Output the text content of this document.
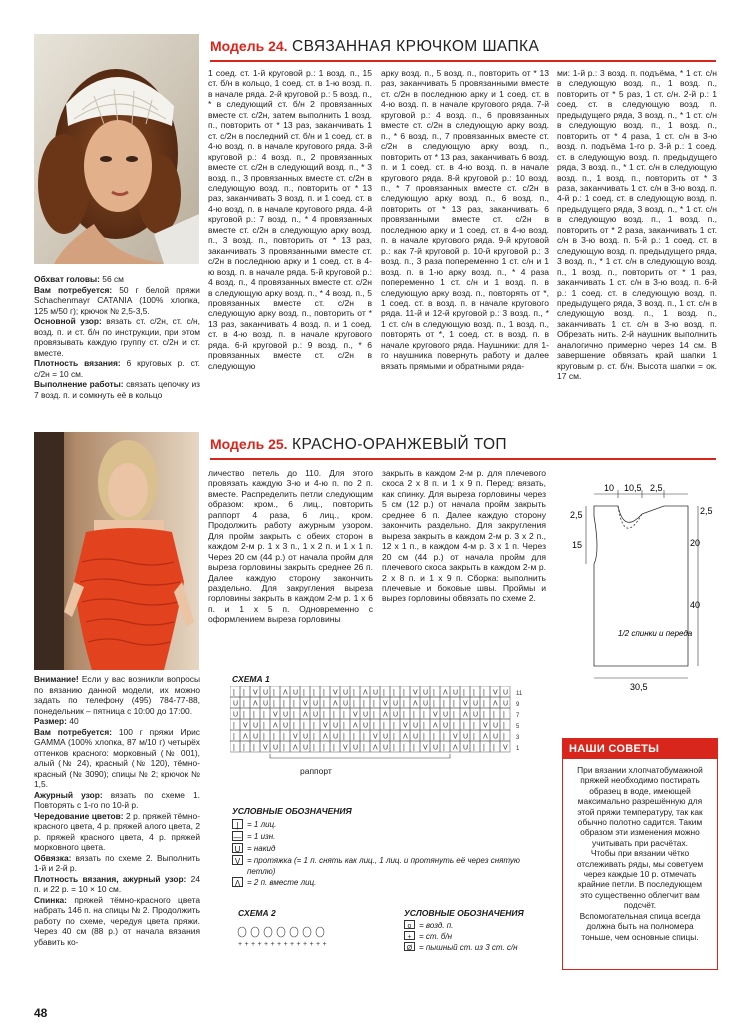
Модель 24. СВЯЗАННАЯ КРЮЧКОМ ШАПКА
Обхват головы: 56 см
Вам потребуется: 50 г белой пряжи Schachenmayr CATANIA (100% хлопка, 125 м/50 г); крючок № 2,5-3,5.
Основной узор: вязать ст. с/2н, ст. с/н, возд. п. и ст. б/н по инструкции, при этом провязывать каждую группу ст. с/2н и ст. вместе.
Плотность вязания: 6 круговых р. ст. с/2н = 10 см.
Выполнение работы: связать цепочку из 7 возд. п. и сомкнуть её в кольцо
1 соед. ст. 1-й круговой р.: 1 возд. п., 15 ст. б/н в кольцо, 1 соед. ст. в 1-ю возд. п. в начале ряда. 2-й круговой р.: 5 возд. п., * в следующий ст. б/н 2 провязанных вместе ст. с/2н, затем выполнить 1 возд. п., повторить от * 13 раз, заканчивать 1 ст. с/2н в последний ст. б/н и 1 соед. ст. в 4-ю возд. п. в начале кругового ряда. 3-й круговой р.: 4 возд. п., 2 провязанных вместе ст. с/2н в следующий возд. п., * 3 возд. п., 3 провязанных вместе ст. с/2н в следующую возд. п., повторить от * 13 раз, заканчивать 3 возд. п. и 1 соед. ст. в 4-ю возд. п. в начале кругового ряда. 4-й круговой р.: 7 возд. п., * 4 провязанных вместе ст. с/2н в следующую арку возд. п., 3 возд. п., повторить от * 13 раз, заканчивать 3 провязанными вместе ст. с/2н в последнюю арку и 1 соед. ст. в 4-ю возд. п. в начале ряда. 5-й круговой р.: 4 возд. п., 4 провязанных вместе ст. с/2н в следующую арку возд. п., * 4 возд. п., 5 провязанных вместе ст. с/2н в следующую арку возд. п., повторить от * 13 раз, заканчивать 4 возд. п. и 1 соед. ст. в 4-ю возд. п. в начале кругового ряда. 6-й круговой р.: 9 возд. п., * 6 провязанных вместе ст. с/2н в следующую
арку возд. п., 5 возд. п., повторить от * 13 раз, заканчивать 5 провязанными вместе ст. с/2н в последнюю арку и 1 соед. ст. в 4-ю возд. п. в начале кругового ряда. 7-й круговой р.: 4 возд. п., 6 провязанных вместе ст. с/2н в следующую арку возд. п., * 6 возд. п., 7 провязанных вместе ст. с/2н в следующую арку возд. п., повторить от * 13 раз, заканчивать 6 возд. п. и 1 соед. ст. в 4-ю возд. п. в начале кругового ряда. 8-й круговой р.: 10 возд. п., * 7 провязанных вместе ст. с/2н в следующую арку возд. п., 6 возд. п., повторить от * 13 раз, заканчивать 6 провязанными вместе ст. с/2н в последнюю арку и 1 соед. ст. в 4-ю возд. п. в начале кругового ряда. 9-й круговой р.: как 7-й круговой р. 10-й круговой р.: 3 возд. п., 3 раза попеременно 1 ст. с/н и 1 возд. п. в 1-ю арку возд. п., * 4 раза попеременно 1 ст. с/н и 1 возд. п. в следующую арку возд. п., повторять от *, 1 соед. ст. в возд. п. в начале кругового ряда. 11-й и 12-й круговой р.: 3 возд. п., * 1 ст. с/н в следующую возд. п., 1 возд. п., повторять от *, 1 соед. ст. в возд. п. в начале кругового ряда. Наушники: для 1-го наушника повернуть работу и далее вязать прямыми и обратными рядa-
ми: 1-й р.: 3 возд. п. подъёма, * 1 ст. с/н в следующую возд. п., 1 возд. п., повторить от * 5 раз, 1 ст. с/н. 2-й р.: 1 соед. ст. в следующую возд. п. предыдущего ряда, 3 возд. п., * 1 ст. с/н в следующую возд. п., 1 возд. п., повторить от * 4 раза, 1 ст. с/н в 3-ю возд. п. подъёма 1-го р. 3-й р.: 1 соед. ст. в следующую возд. п. предыдущего ряда, 3 возд. п., * 1 ст. с/н в следующую возд. п., 1 возд. п., повторить от * 3 раза, заканчивать 1 ст. с/н в 3-ю возд. п. 4-й р.: 1 соед. ст. в следующую возд. п. предыдущего ряда, 3 возд. п., * 1 ст. с/н в следующую возд. п., 1 возд. п., повторить от * 2 раза, заканчивать 1 ст. с/н в 3-ю возд. п. 5-й р.: 1 соед. ст. в следующую возд. п. предыдущего ряда, 3 возд. п., * 1 ст. с/н в следующую возд. п., 1 возд. п., повторить от * 1 раз, заканчивать 1 ст. с/н в 3-ю возд. п. 6-й р.: 1 соед. ст. в следующую возд. п. предыдущего ряда, 3 возд. п., 1 ст. с/н в следующую возд. п., 1 возд. п., заканчивать 1 ст. с/н в 3-ю возд. п. Обрезать нить. 2-й наушник выполнить аналогично примерно через 14 см. В завершение обвязать край шапки 1 круговым р. ст. б/н. Высота шапки = ок. 17 см.
Модель 25. КРАСНО-ОРАНЖЕВЫЙ ТОП
Внимание! Если у вас возникли вопросы по вязанию данной модели, их можно задать по телефону (495) 784-77-88, понедельник – пятница с 10:00 до 17:00.
Размер: 40
Вам потребуется: 100 г пряжи Ирис GAMMA (100% хлопка, 87 м/10 г) четырёх оттенков красного: морковный (№ 001), алый (№ 24), красный (№ 120), тёмно-красный (№ 3090); спицы № 2; крючок № 1,5.
Ажурный узор: вязать по схеме 1. Повторять с 1-го по 10-й р.
Чередование цветов: 2 р. пряжей тёмно-красного цвета, 4 р. пряжей алого цвета, 2 р. пряжей красного цвета, 4 р. пряжей морковного цвета.
Обвязка: вязать по схеме 2. Выполнить 1-й и 2-й р.
Плотность вязания, ажурный узор: 24 п. и 22 р. = 10 × 10 см.
Спинка: пряжей тёмно-красного цвета набрать 146 п. на спицы № 2. Продолжить работу по схеме, чередуя цвета пряжи. Через 40 см (88 р.) от начала вязания убавить ко-
личество петель до 110. Для этого провязать каждую 3-ю и 4-ю п. по 2 п. вместе. Распределить петли следующим образом: кром., 6 лиц., повторить раппорт 4 раза, 6 лиц., кром. Продолжить работу ажурным узором. Для пройм закрыть с обеих сторон в каждом 2-м р. 1 х 3 п., 1 х 2 п. и 1 х 1 п. Через 20 см (44 р.) от начала пройм для выреза горловины закрыть среднее 26 п. Далее каждую сторону закончить раздельно. Для закругления выреза горловины закрыть в каждом 2-м р. 1 х 6 п. и 1 х 5 п. Одновременно с оформлением выреза горловины
закрыть в каждом 2-м р. для плечевого скоса 2 х 8 п. и 1 х 9 п. Перед: вязать, как спинку. Для выреза горловины через 5 см (12 р.) от начала пройм закрыть среднее 6 п. Далее каждую сторону закончить раздельно. Для закругления выреза закрыть в каждом 2-м р. 3 х 2 п., 12 х 1 п., в каждом 4-м р. 3 х 1 п. Через 20 см (44 р.) от начала пройм для плечевого скоса закрыть в каждом 2-м р. 2 х 8 п. и 1 х 9 п. Сборка: выполнить плечевые и боковые швы. Проймы и вырез горловины обвязать по схеме 2.
10 10,5 2,5
2,5
15
2,5
20
40
30,5
1/2 спинки и переда
СХЕМА 1
| | V U | Λ U | | | V U | Λ U | | | V U | Λ U | | | V U
U | Λ U | | | V U | Λ U | | | V U | Λ U | | | V U | Λ U
U | | | V U | Λ U | | | V U | Λ U | | | V U | Λ U | | |
| V U | Λ U | | | V U | Λ U | | | V U | Λ U | | | V U |
| Λ U | | | V U | Λ U | | | V U | Λ U | | | V U | Λ U |
| | | V U | Λ U | | | V U | Λ U | | | V U | Λ U | | | V
11
9
7
5
3
1
раппорт
УСЛОВНЫЕ ОБОЗНАЧЕНИЯ
|	= 1 лиц.
— = 1 изн.
U = накид
V = протяжка (= 1 п. снять как лиц., 1 лиц. и протянуть её через снятую петлю)
Λ = 2 п. вместе лиц.
СХЕМА 2
+ + + + + + + + + + + + + +
УСЛОВНЫЕ ОБОЗНАЧЕНИЯ
o = возд. п.
+ = ст. б/н
Ø = пышный ст. из 3 ст. с/н
НАШИ СОВЕТЫ

При вязании хлопчатобумажной пряжей необходимо постирать образец в воде, имеющей максимально разрешённую для этой пряжи температуру, так как обычно полотно садится. Таким образом эти изменения можно учитывать при расчётах.

Чтобы при вязании чётко отслеживать ряды, мы советуем через каждые 10 р. отмечать крайние петли. В последующем это существенно облегчит вам подсчёт.

Вспомогательная спица всегда должна быть на полномера тоньше, чем основные спицы.

48
